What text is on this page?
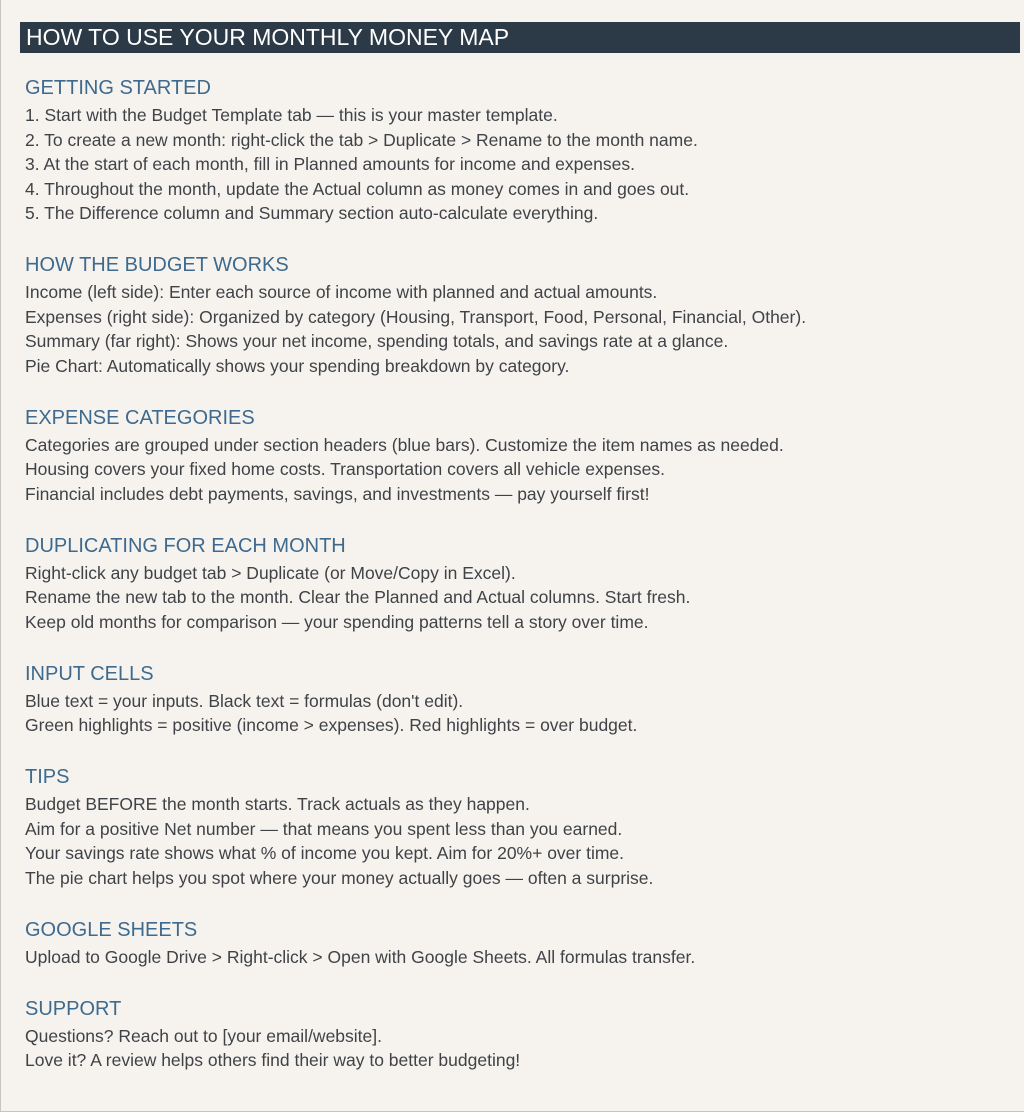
HOW TO USE YOUR MONTHLY MONEY MAP
GETTING STARTED
1. Start with the Budget Template tab — this is your master template.
2. To create a new month: right-click the tab > Duplicate > Rename to the month name.
3. At the start of each month, fill in Planned amounts for income and expenses.
4. Throughout the month, update the Actual column as money comes in and goes out.
5. The Difference column and Summary section auto-calculate everything.
HOW THE BUDGET WORKS
Income (left side): Enter each source of income with planned and actual amounts.
Expenses (right side): Organized by category (Housing, Transport, Food, Personal, Financial, Other).
Summary (far right): Shows your net income, spending totals, and savings rate at a glance.
Pie Chart: Automatically shows your spending breakdown by category.
EXPENSE CATEGORIES
Categories are grouped under section headers (blue bars). Customize the item names as needed.
Housing covers your fixed home costs. Transportation covers all vehicle expenses.
Financial includes debt payments, savings, and investments — pay yourself first!
DUPLICATING FOR EACH MONTH
Right-click any budget tab > Duplicate (or Move/Copy in Excel).
Rename the new tab to the month. Clear the Planned and Actual columns. Start fresh.
Keep old months for comparison — your spending patterns tell a story over time.
INPUT CELLS
Blue text = your inputs. Black text = formulas (don't edit).
Green highlights = positive (income > expenses). Red highlights = over budget.
TIPS
Budget BEFORE the month starts. Track actuals as they happen.
Aim for a positive Net number — that means you spent less than you earned.
Your savings rate shows what % of income you kept. Aim for 20%+ over time.
The pie chart helps you spot where your money actually goes — often a surprise.
GOOGLE SHEETS
Upload to Google Drive > Right-click > Open with Google Sheets. All formulas transfer.
SUPPORT
Questions? Reach out to [your email/website].
Love it? A review helps others find their way to better budgeting!
